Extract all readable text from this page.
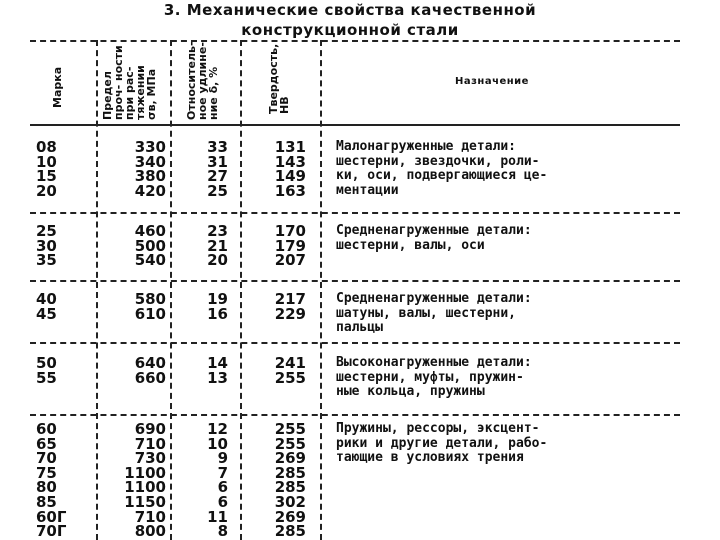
3. Механические свойства качественной
конструкционной стали
Марка	Предел проч- ности при рас- тяжении σв, МПа Относитель- ное удлине- ние δ, %	Твердость, НВ
Назначение
08
10
15
20
330
340
380
420
33
31
27
25
131
143
149
163
Малонагруженные детали:
шестерни, звездочки, роли-
ки, оси, подвергающиеся це-
ментации
25
30
35
460
500
540
23
21
20
170
179
207
Средненагруженные детали:
шестерни, валы, оси
40
45
580
610
19
16
217
229
Средненагруженные детали:
шатуны, валы, шестерни,
пальцы
50
55
640
660
14
13
241
255
Высоконагруженные детали:
шестерни, муфты, пружин-
ные кольца, пружины
60
65
70
75
80
85
60Г
70Г
690
710
730
1100
1100
1150
710
800
12
10
9
7
6
6
11
8
255
255
269
285
285
302
269
285
Пружины, рессоры, эксцент-
рики и другие детали, рабо-
тающие в условиях трения
